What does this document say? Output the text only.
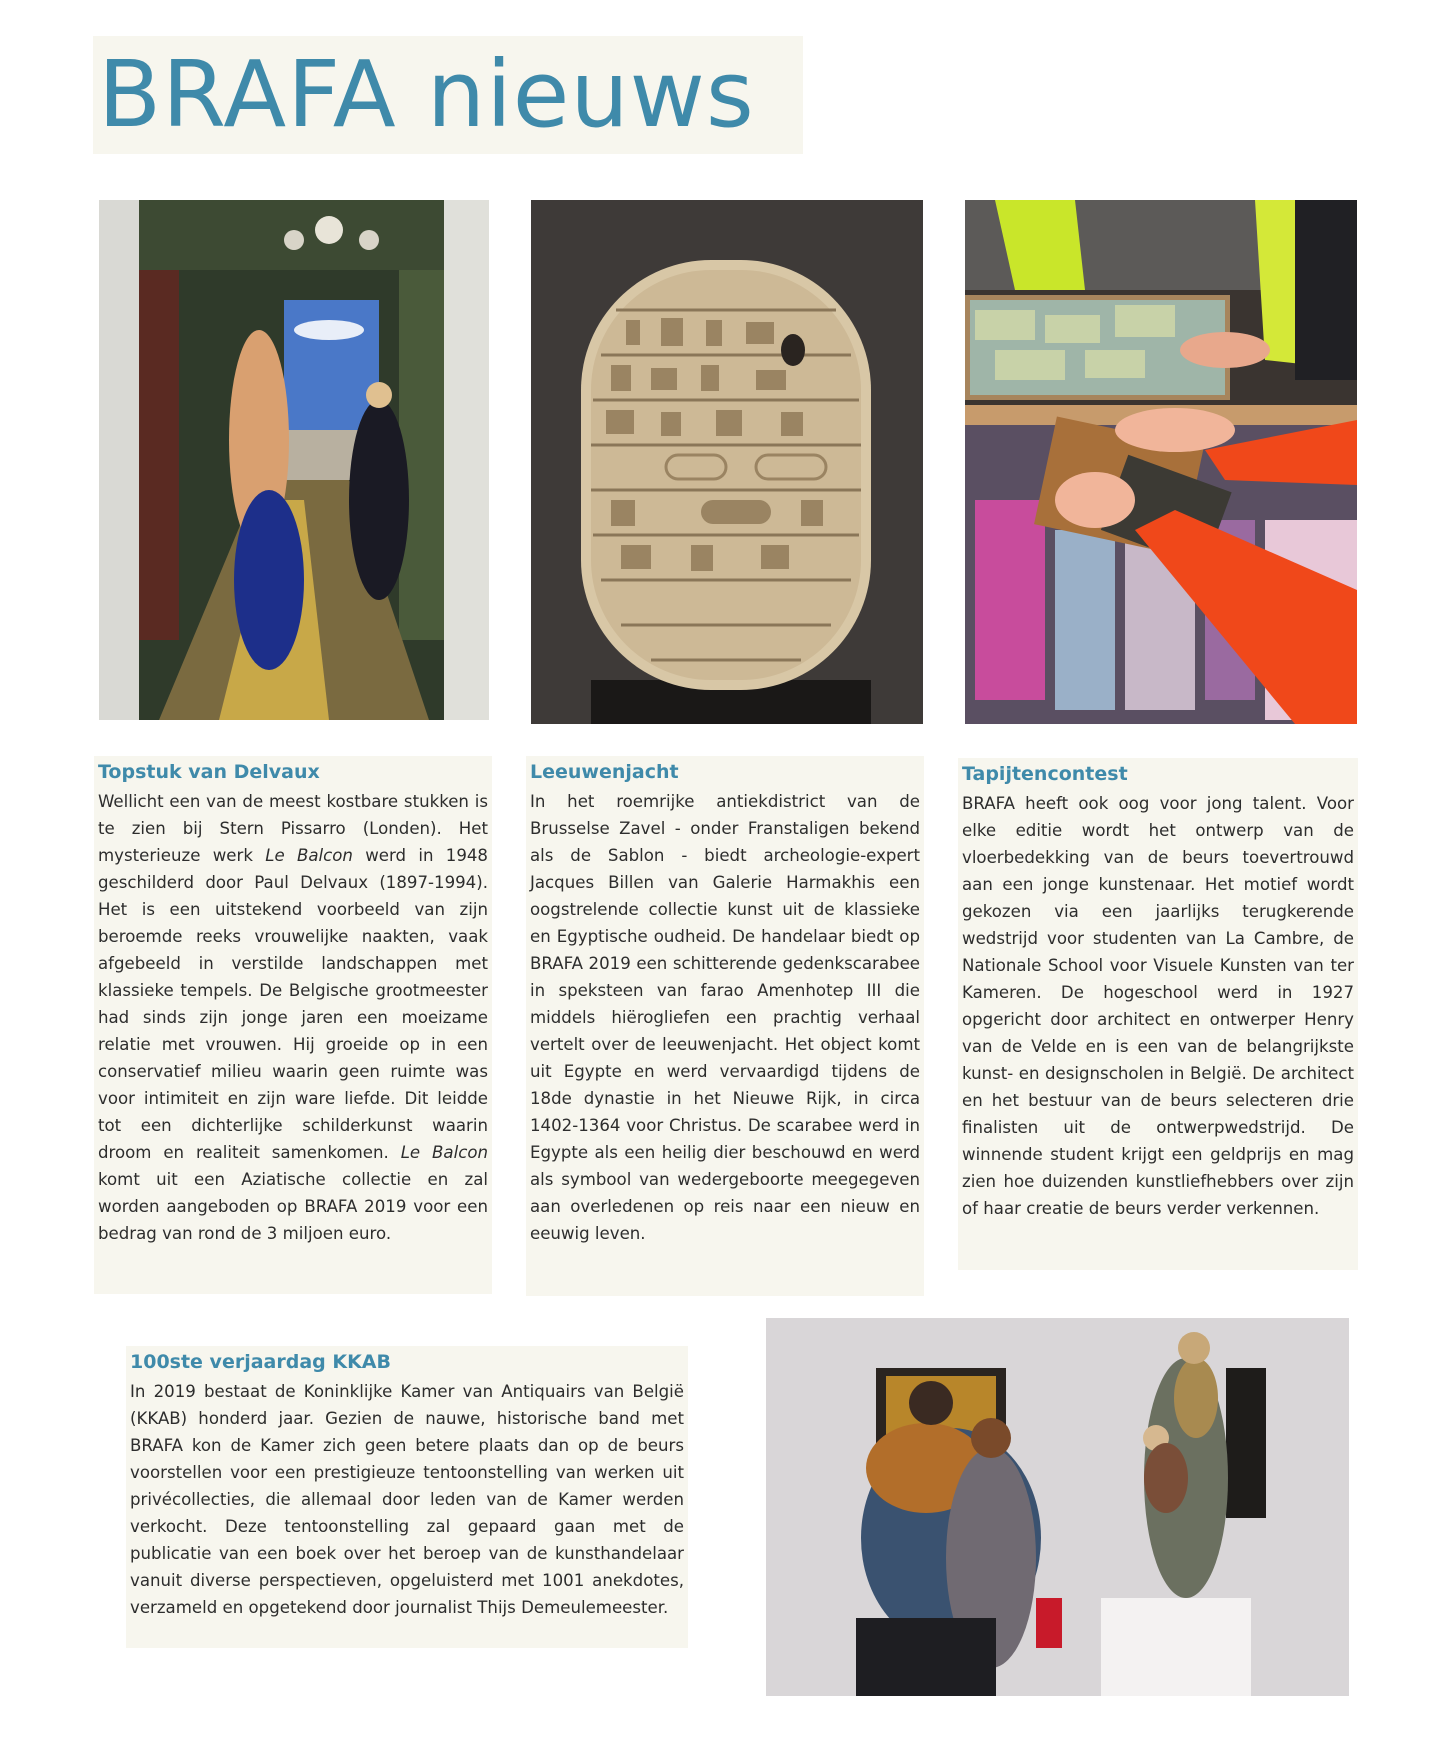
BRAFA nieuws
Topstuk van Delvaux

Wellicht een van de meest kostbare stukken is te zien bij Stern Pissarro (Londen). Het mysterieuze werk Le Balcon werd in 1948 geschilderd door Paul Delvaux (1897-1994). Het is een uitstekend voorbeeld van zijn beroemde reeks vrouwelijke naakten, vaak afgebeeld in verstilde landschappen met klassieke tempels. De Belgische grootmeester had sinds zijn jonge jaren een moeizame relatie met vrouwen. Hij groeide op in een conservatief milieu waarin geen ruimte was voor intimiteit en zijn ware liefde. Dit leidde tot een dichterlijke schilderkunst waarin droom en realiteit samenkomen. Le Balcon komt uit een Aziatische collectie en zal worden aangeboden op BRAFA 2019 voor een bedrag van rond de 3 miljoen euro.

Leeuwenjacht

In het roemrijke antiekdistrict van de Brusselse Zavel - onder Franstaligen bekend als de Sablon - biedt archeologie-expert Jacques Billen van Galerie Harmakhis een oogstrelende collectie kunst uit de klassieke en Egyptische oudheid. De handelaar biedt op BRAFA 2019 een schitterende gedenkscarabee in speksteen van farao Amenhotep III die middels hiërogliefen een prachtig verhaal vertelt over de leeuwenjacht. Het object komt uit Egypte en werd vervaardigd tijdens de 18de dynastie in het Nieuwe Rijk, in circa 1402-1364 voor Christus. De scarabee werd in Egypte als een heilig dier beschouwd en werd als symbool van wedergeboorte meegegeven aan overledenen op reis naar een nieuw en eeuwig leven.

Tapijtencontest

BRAFA heeft ook oog voor jong talent. Voor elke editie wordt het ontwerp van de vloerbedekking van de beurs toevertrouwd aan een jonge kunstenaar. Het motief wordt gekozen via een jaarlijks terugkerende wedstrijd voor studenten van La Cambre, de Nationale School voor Visuele Kunsten van ter Kameren. De hogeschool werd in 1927 opgericht door architect en ontwerper Henry van de Velde en is een van de belangrijkste kunst- en designscholen in België. De architect en het bestuur van de beurs selecteren drie finalisten uit de ontwerpwedstrijd. De winnende student krijgt een geldprijs en mag zien hoe duizenden kunstliefhebbers over zijn of haar creatie de beurs verder verkennen.

100ste verjaardag KKAB

In 2019 bestaat de Koninklijke Kamer van Antiquairs van België (KKAB) honderd jaar. Gezien de nauwe, historische band met BRAFA kon de Kamer zich geen betere plaats dan op de beurs voorstellen voor een prestigieuze tentoonstelling van werken uit privécollecties, die allemaal door leden van de Kamer werden verkocht. Deze tentoonstelling zal gepaard gaan met de publicatie van een boek over het beroep van de kunsthandelaar vanuit diverse perspectieven, opgeluisterd met 1001 anekdotes, verzameld en opgetekend door journalist Thijs Demeulemeester.
